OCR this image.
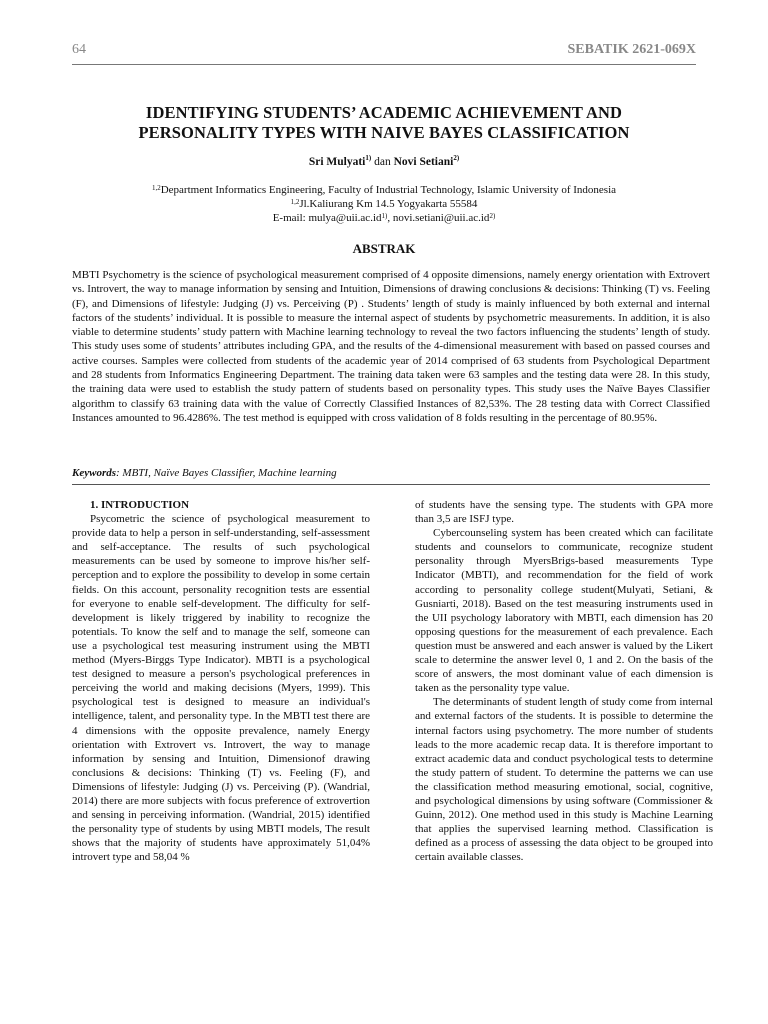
64	SEBATIK 2621-069X
IDENTIFYING STUDENTS’ ACADEMIC ACHIEVEMENT AND
PERSONALITY TYPES WITH NAIVE BAYES CLASSIFICATION
Sri Mulyati$^{1)}$ dan Novi Setiani$^{2)}$
$^{1,2}$Department Informatics Engineering, Faculty of Industrial Technology, Islamic University of Indonesia
$^{1,2}$Jl.Kaliurang Km 14.5 Yogyakarta 55584
E-mail: $mulya@uii.ac.id^{1)}$, $novi.setiani@uii.ac.id^{2)}$
ABSTRAK
MBTI Psychometry is the science of psychological measurement comprised of 4 opposite dimensions, namely energy orientation with Extrovert vs. Introvert, the way to manage information by sensing and Intuition, Dimensions of drawing conclusions & decisions: Thinking (T) vs. Feeling (F), and Dimensions of lifestyle: Judging (J) vs. Perceiving (P) . Students’ length of study is mainly influenced by both external and internal factors of the students’ individual. It is possible to measure the internal aspect of students by psychometric measurements. In addition, it is also viable to determine students’ study pattern with Machine learning technology to reveal the two factors influencing the students’ length of study. This study uses some of students’ attributes including GPA, and the results of the 4-dimensional measurement with based on passed courses and active courses. Samples were collected from students of the academic year of 2014 comprised of 63 students from Psychological Department and 28 students from Informatics Engineering Department. The training data taken were 63 samples and the testing data were 28. In this study, the training data were used to establish the study pattern of students based on personality types. This study uses the Naïve Bayes Classifier algorithm to classify 63 training data with the value of Correctly Classified Instances of 82,53%. The 28 testing data with Correct Classified Instances amounted to 96.4286%. The test method is equipped with cross validation of 8 folds resulting in the percentage of 80.95%.
Keywords: MBTI, Naïve Bayes Classifier, Machine learning

1. INTRODUCTION

Psycometric the science of psychological measurement to provide data to help a person in self-understanding, self-assessment and self-acceptance. The results of such psychological measurements can be used by someone to improve his/her self-perception and to explore the possibility to develop in some certain fields. On this account, personality recognition tests are essential for everyone to enable self-development. The difficulty for self-development is likely triggered by inability to recognize the potentials. To know the self and to manage the self, someone can use a psychological test measuring instrument using the MBTI method (Myers-Birggs Type Indicator). MBTI is a psychological test designed to measure a person's psychological preferences in perceiving the world and making decisions (Myers, 1999). This psychological test is designed to measure an individual's intelligence, talent, and personality type. In the MBTI test there are 4 dimensions with the opposite prevalence, namely Energy orientation with Extrovert vs. Introvert, the way to manage information by sensing and Intuition, Dimensionof drawing conclusions & decisions: Thinking (T) vs. Feeling (F), and Dimensions of lifestyle: Judging (J) vs. Perceiving (P). (Wandrial, 2014) there are more subjects with focus preference of extrovertion and sensing in perceiving information. (Wandrial, 2015) identified the personality type of students by using MBTI models, The result shows that the majority of students have approximately 51,04% introvert type and 58,04 %

of students have the sensing type. The students with GPA more than 3,5 are ISFJ type.

Cybercounseling system has been created which can facilitate students and counselors to communicate, recognize student personality through MyersBrigs-based measurements Type Indicator (MBTI), and recommendation for the field of work according to personality college student(Mulyati, Setiani, & Gusniarti, 2018). Based on the test measuring instruments used in the UII psychology laboratory with MBTI, each dimension has 20 opposing questions for the measurement of each prevalence. Each question must be answered and each answer is valued by the Likert scale to determine the answer level 0, 1 and 2. On the basis of the score of answers, the most dominant value of each dimension is taken as the personality type value.

The determinants of student length of study come from internal and external factors of the students. It is possible to determine the internal factors using psychometry. The more number of students leads to the more academic recap data. It is therefore important to extract academic data and conduct psychological tests to determine the study pattern of student. To determine the patterns we can use the classification method measuring emotional, social, cognitive, and psychological dimensions by using software (Commissioner & Guinn, 2012). One method used in this study is Machine Learning that applies the supervised learning method. Classification is defined as a process of assessing the data object to be grouped into certain available classes.
